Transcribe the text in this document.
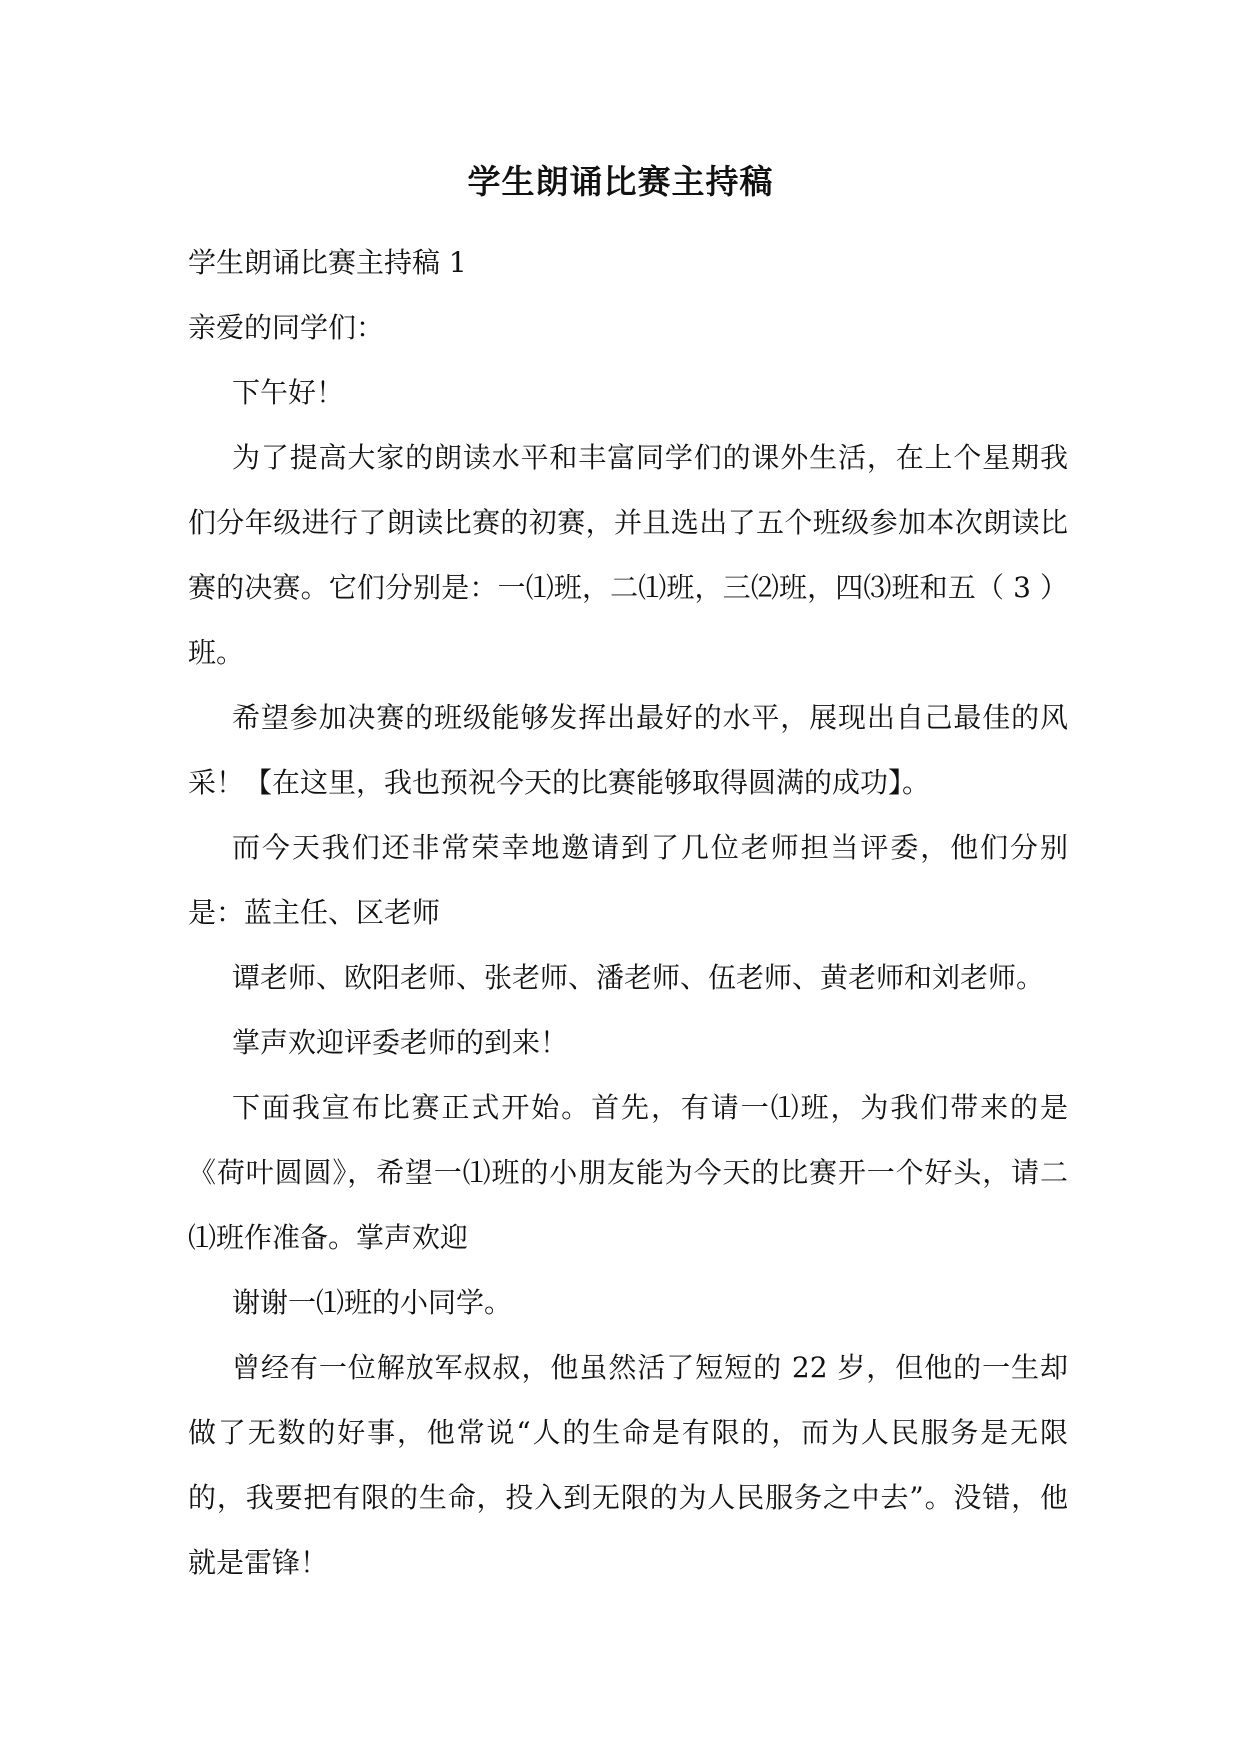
学生朗诵比赛主持稿

学生朗诵比赛主持稿 1

亲爱的同学们：

下午好！

为了提高大家的朗读水平和丰富同学们的课外生活，在上个星期我们分年级进行了朗读比赛的初赛，并且选出了五个班级参加本次朗读比赛的决赛。它们分别是：一⑴班，二⑴班，三⑵班，四⑶班和五（ 3 ）班。

希望参加决赛的班级能够发挥出最好的水平，展现出自己最佳的风采！【在这里，我也预祝今天的比赛能够取得圆满的成功】。

而今天我们还非常荣幸地邀请到了几位老师担当评委，他们分别是：蓝主任、区老师

谭老师、欧阳老师、张老师、潘老师、伍老师、黄老师和刘老师。

掌声欢迎评委老师的到来！

下面我宣布比赛正式开始。首先，有请一⑴班，为我们带来的是《荷叶圆圆》，希望一⑴班的小朋友能为今天的比赛开一个好头，请二⑴班作准备。掌声欢迎

谢谢一⑴班的小同学。

曾经有一位解放军叔叔，他虽然活了短短的 22 岁，但他的一生却做了无数的好事，他常说“人的生命是有限的，而为人民服务是无限的，我要把有限的生命，投入到无限的为人民服务之中去”。没错，他就是雷锋！
